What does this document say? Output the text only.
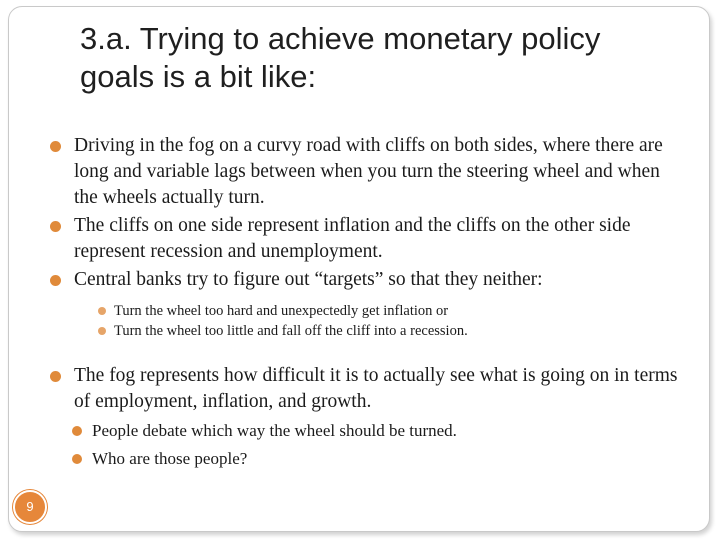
3.a. Trying to achieve monetary policy goals is a bit like:
Driving in the fog on a curvy road with cliffs on both sides, where there are long and variable lags between when you turn the steering wheel and when the wheels actually turn.
The cliffs on one side represent inflation and the cliffs on the other side represent recession and unemployment.
Central banks try to figure out “targets” so that they neither:
Turn the wheel too hard and unexpectedly get inflation or
Turn the wheel too little and fall off the cliff into a recession.
The fog represents how difficult it is to actually see what is going on in terms of employment, inflation, and growth.
People debate which way the wheel should be turned.
Who are those people?
9
